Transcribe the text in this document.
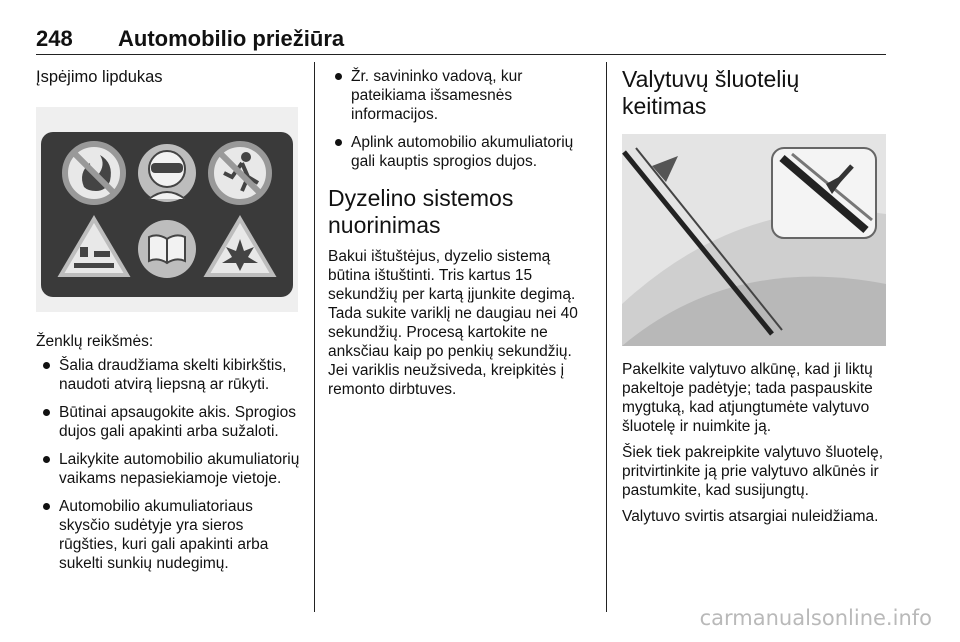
248 Automobilio priežiūra
Įspėjimo lipdukas

Ženklų reikšmės:

Šalia draudžiama skelti kibirkštis, naudoti atvirą liepsną ar rūkyti.
Būtinai apsaugokite akis. Sprogios dujos gali apakinti arba sužaloti.
Laikykite automobilio akumuliatorių vaikams nepasiekiamoje vietoje.
Automobilio akumuliatoriaus skysčio sudėtyje yra sieros rūgšties, kuri gali apakinti arba sukelti sunkių nudegimų.
Žr. savininko vadovą, kur pateikiama išsamesnės informacijos.
Aplink automobilio akumuliatorių gali kauptis sprogios dujos.
Dyzelino sistemos nuorinimas

Bakui ištuštėjus, dyzelio sistemą būtina ištuštinti. Tris kartus 15 sekundžių per kartą įjunkite degimą. Tada sukite variklį ne daugiau nei 40 sekundžių. Procesą kartokite ne anksčiau kaip po penkių sekundžių. Jei variklis neužsiveda, kreipkitės į remonto dirbtuves.

Valytuvų šluotelių keitimas

Pakelkite valytuvo alkūnę, kad ji liktų pakeltoje padėtyje; tada paspauskite mygtuką, kad atjungtumėte valytuvo šluotelę ir nuimkite ją.

Šiek tiek pakreipkite valytuvo šluotelę, pritvirtinkite ją prie valytuvo alkūnės ir pastumkite, kad susijungtų.

Valytuvo svirtis atsargiai nuleidžiama.

carmanualsonline.info
